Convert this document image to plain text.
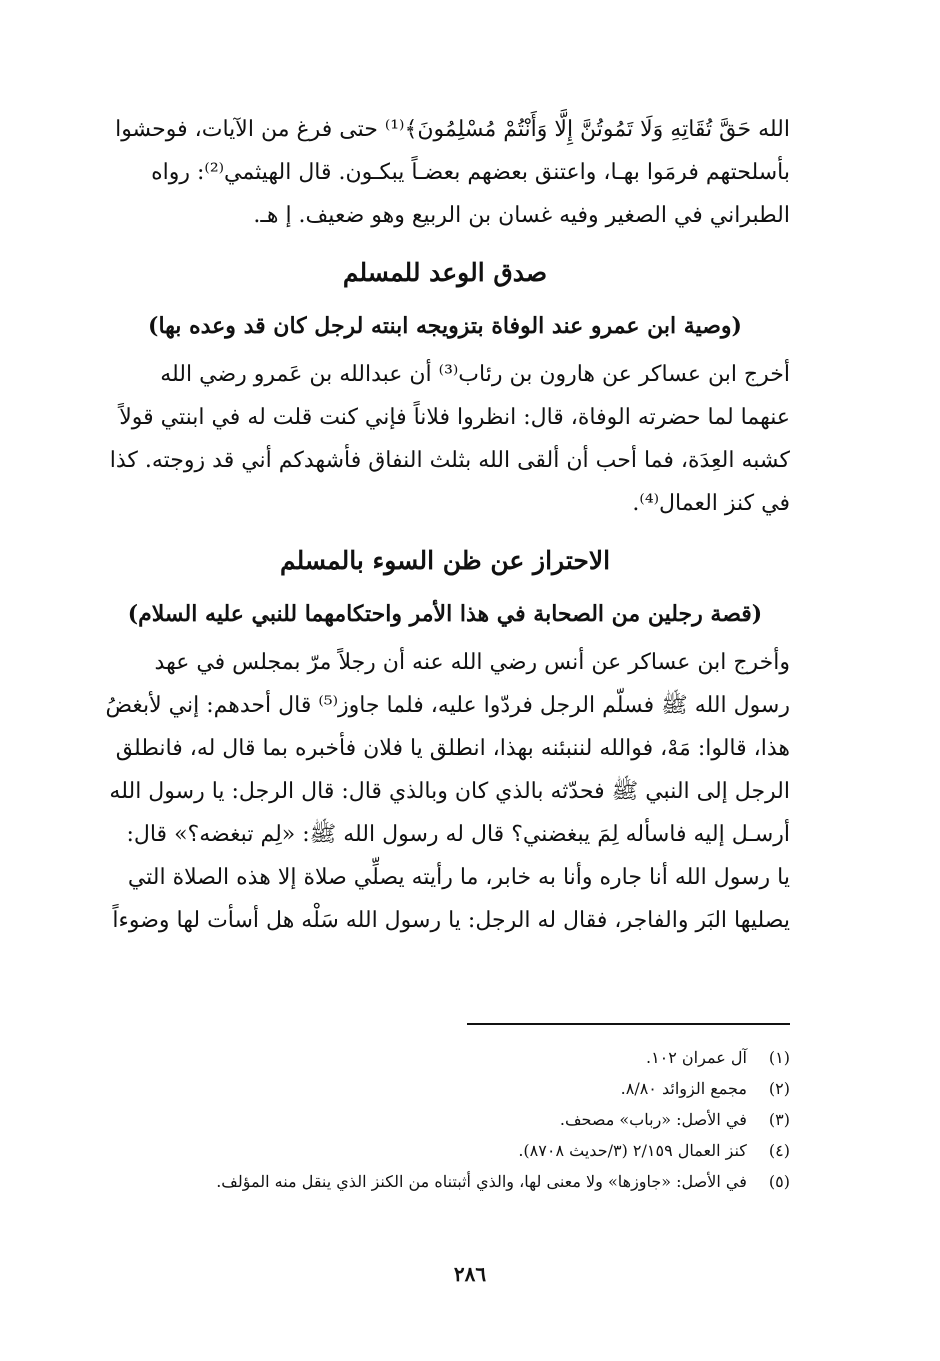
الله حَقَّ تُقَاتِهِ وَلَا تَمُوتُنَّ إِلَّا وَأَنْتُمْ مُسْلِمُونَ﴾⁽¹⁾ حتى فرغ من الآيات، فوحشوا

بأسلحتهم فرمَوا بهـا، واعتنق بعضهم بعضـاً يبكـون. قال الهيثمي⁽²⁾: رواه

الطبراني في الصغير وفيه غسان بن الربيع وهو ضعيف. إ هـ.

صدق الوعد للمسلم
(وصية ابن عمرو عند الوفاة بتزويجه ابنته لرجل كان قد وعده بها)

أخرج ابن عساكر عن هارون بن رئاب⁽³⁾ أن عبدالله بن عَمرو رضي الله

عنهما لما حضرته الوفاة، قال: انظروا فلاناً فإني كنت قلت له في ابنتي قولاً

كشبه العِدَة، فما أحب أن ألقى الله بثلث النفاق فأشهدكم أني قد زوجته. كذا

في كنز العمال⁽⁴⁾.

الاحتراز عن ظن السوء بالمسلم
(قصة رجلين من الصحابة في هذا الأمر واحتكامهما للنبي عليه السلام)

وأخرج ابن عساكر عن أنس رضي الله عنه أن رجلاً مرّ بمجلس في عهد

رسول الله ﷺ فسلّم الرجل فردّوا عليه، فلما جاوز⁽⁵⁾ قال أحدهم: إني لأبغضُ

هذا، قالوا: مَهْ، فوالله لننبئنه بهذا، انطلق يا فلان فأخبره بما قال له، فانطلق

الرجل إلى النبي ﷺ فحدّثه بالذي كان وبالذي قال: قال الرجل: يا رسول الله

أرسـل إليه فاسأله لِمَ يبغضني؟ قال له رسول الله ﷺ: «لِم تبغضه؟» قال:

يا رسول الله أنا جاره وأنا به خابر، ما رأيته يصلِّي صلاة إلا هذه الصلاة التي

يصليها البَر والفاجر، فقال له الرجل: يا رسول الله سَلْه هل أسأت لها وضوءاً

(١) آل عمران ١٠٢.
(٢) مجمع الزوائد ٨/٨٠.
(٣) في الأصل: «رباب» مصحف.
(٤) كنز العمال ٢/١٥٩ (٣/حديث ٨٧٠٨).
(٥) في الأصل: «جاوزها» ولا معنى لها، والذي أثبتناه من الكنز الذي ينقل منه المؤلف.
٢٨٦
